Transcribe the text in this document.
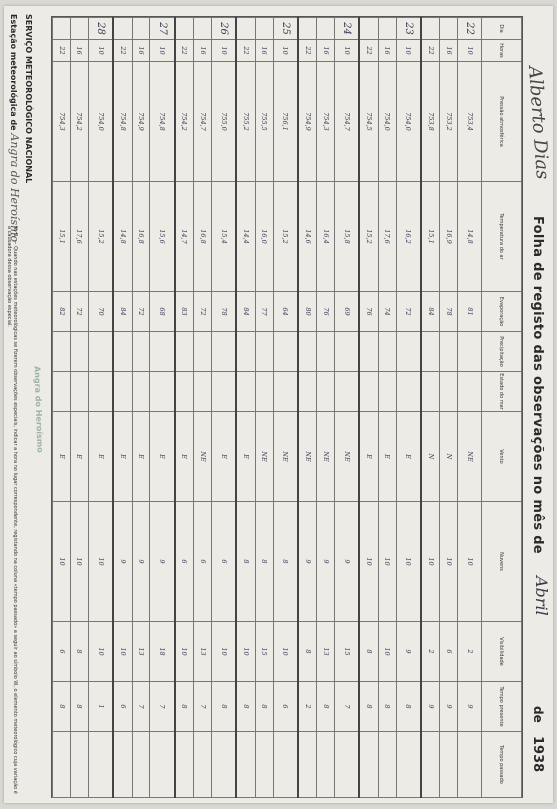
Alberto Dias
Folha de registo das observações no mês de
Abril
de
1938
Dia	Horas	Pressão atmosférica	Temperatura do ar	Evaporação	Precipitação	Estado do mar	Vento	Nuvens	Visibilidade	Tempo presente	Tempo passado
22	10	753,4	14,8	81			NE	10	2	9	
	16	753,2	16,9	78			N	10	6	9	
	22	753,8	15,1	84			N	10	2	9	
23	10	754,0	16,2	72			E	10	9	8	
	16	754,0	17,6	74			E	10	10	8	
	22	754,5	15,2	76			E	10	8	8	
24	10	754,7	15,8	69			NE	9	15	7	
	16	754,3	16,4	76			NE	9	13	8	
	22	754,9	14,6	80			NE	9	8	2	
25	10	756,1	15,2	64			NE	8	10	6	
	16	755,5	16,0	77			NE	8	15	8	
	22	755,2	14,4	84			E	8	10	8	
26	10	755,0	15,4	78			E	6	10	8	
	16	754,7	16,8	72			NE	6	13	7	
	22	754,2	14,7	83			E	6	10	8	
27	10	754,8	15,6	68			E	9	18	7	
	16	754,9	16,8	72			E	9	13	7	
	22	754,8	14,8	84			E	9	10	6	
28	10	754,0	15,2	70			E	10	10	1	
	16	754,2	17,6	72			E	10	8	8	
	22	754,3	15,1	82			E	10	6	8	
Angra do Heroísmo
SERVIÇO METEOROLÓGICO NACIONAL
Estação meteorológica de Angra do Heroísmo
N. B. — Quando nas estações meteorológicas se fizerem observações especiais, indicar a hora no lugar correspondente, registando na coluna «tempo passado» a seguir ao símbolo W, o elemento meteorológico cuja variação é a causadora dessa observação especial.
